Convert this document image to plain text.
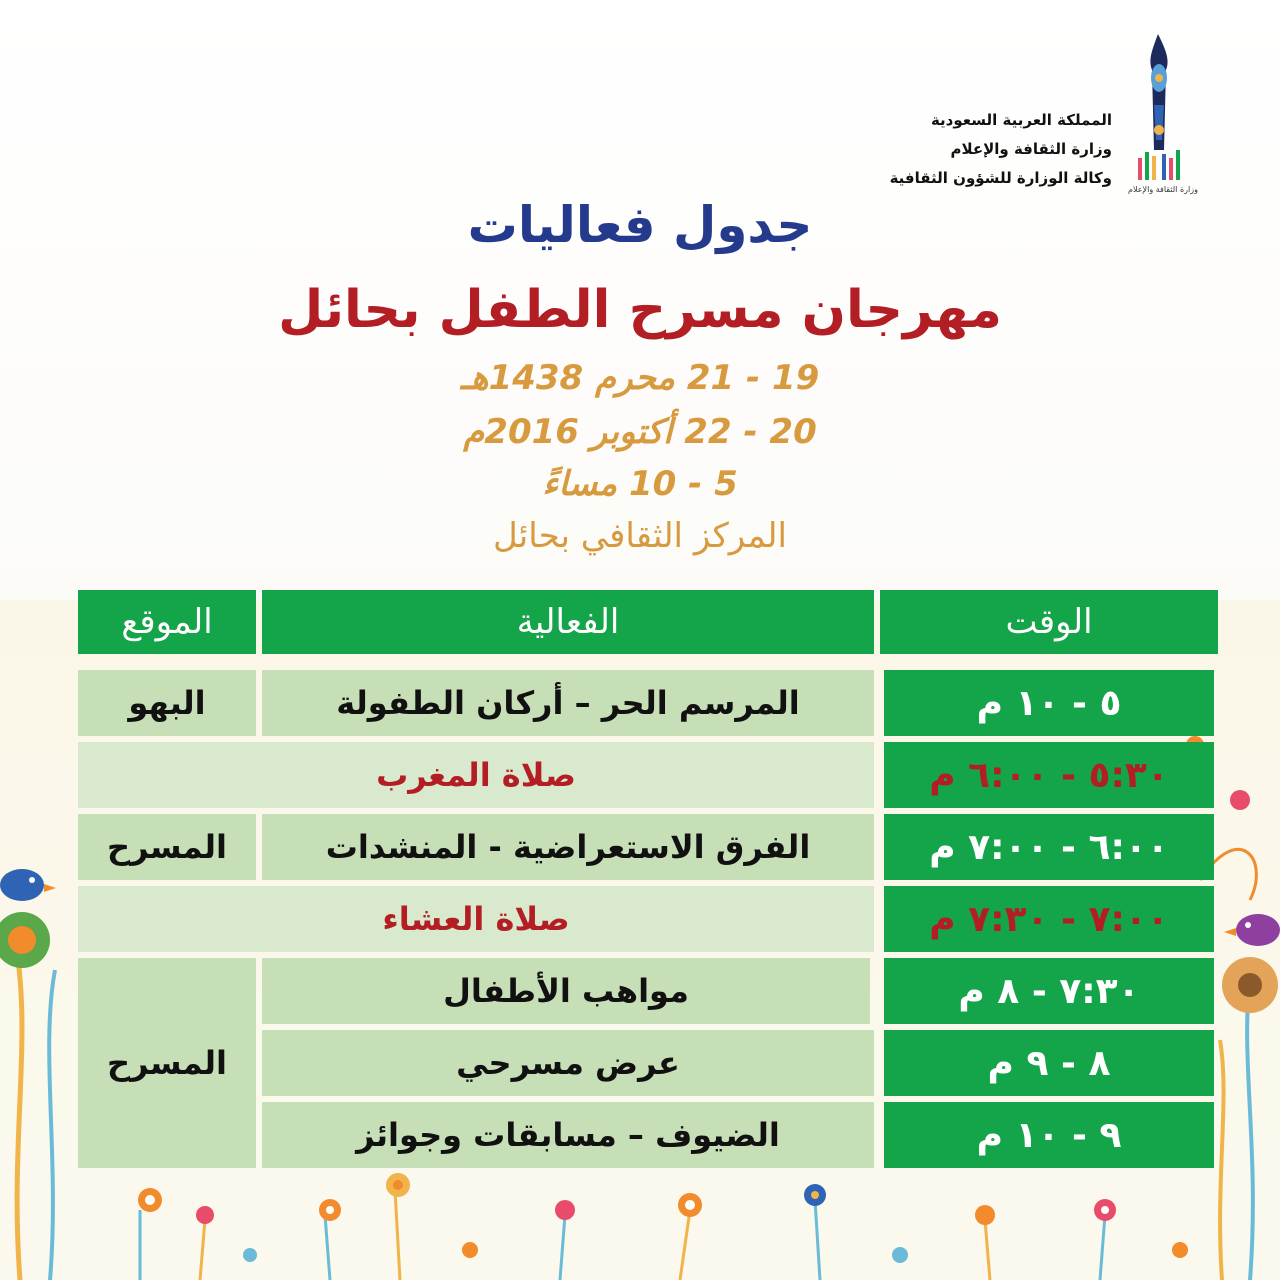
المملكة العربية السعودية
وزارة الثقافة والإعلام
وكالة الوزارة للشؤون الثقافية
وزارة الثقافة والإعلام
جدول فعاليات
مهرجان مسرح الطفل بحائل
19 - 21 محرم 1438هـ
20 - 22 أكتوبر 2016م
5 - 10 مساءً
المركز الثقافي بحائل
الموقع	الفعالية	الوقت
البهو	المرسم الحر – أركان الطفولة	٥ - ١٠ م
صلاة المغرب	٥:٣٠ - ٦:٠٠ م
المسرح	الفرق الاستعراضية - المنشدات	٦:٠٠ - ٧:٠٠ م
صلاة العشاء	٧:٠٠ - ٧:٣٠ م
المسرح
مواهب الأطفال	٧:٣٠ - ٨ م
عرض مسرحي	٨ - ٩ م
الضيوف – مسابقات وجوائز	٩ - ١٠ م
